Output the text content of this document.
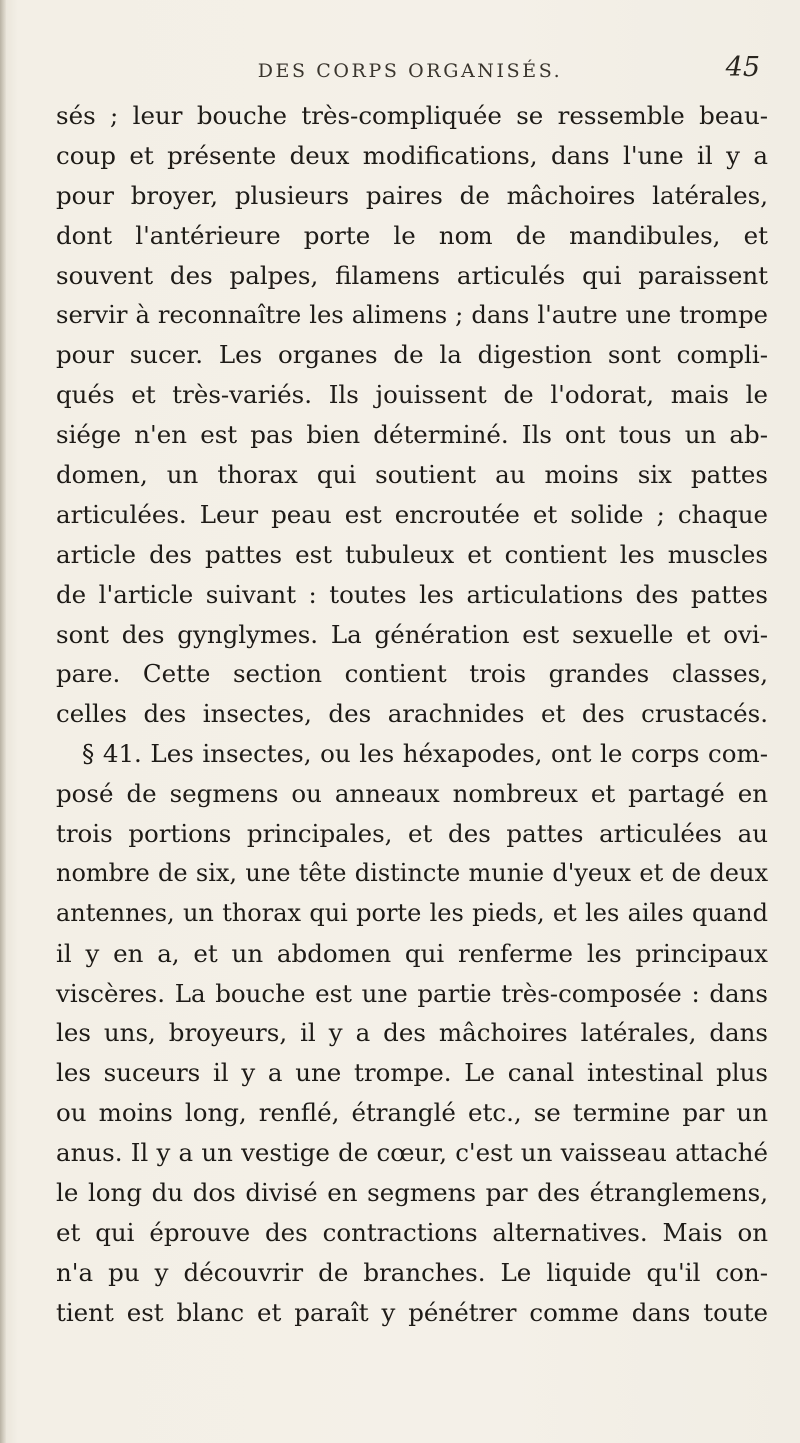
DES CORPS ORGANISÉS.	45
sés ; leur bouche très-compliquée se ressemble beau-
coup et présente deux modifications, dans l'une il y a
pour broyer, plusieurs paires de mâchoires latérales,
dont l'antérieure porte le nom de mandibules, et
souvent des palpes, filamens articulés qui paraissent
servir à reconnaître les alimens ; dans l'autre une trompe
pour sucer. Les organes de la digestion sont compli-
qués et très-variés. Ils jouissent de l'odorat, mais le
siége n'en est pas bien déterminé. Ils ont tous un ab-
domen, un thorax qui soutient au moins six pattes
articulées. Leur peau est encroutée et solide ; chaque
article des pattes est tubuleux et contient les muscles
de l'article suivant : toutes les articulations des pattes
sont des gynglymes. La génération est sexuelle et ovi-
pare. Cette section contient trois grandes classes,
celles des insectes, des arachnides et des crustacés.
§ 41. Les insectes, ou les héxapodes, ont le corps com-
posé de segmens ou anneaux nombreux et partagé en
trois portions principales, et des pattes articulées au
nombre de six, une tête distincte munie d'yeux et de deux
antennes, un thorax qui porte les pieds, et les ailes quand
il y en a, et un abdomen qui renferme les principaux
viscères. La bouche est une partie très-composée : dans
les uns, broyeurs, il y a des mâchoires latérales, dans
les suceurs il y a une trompe. Le canal intestinal plus
ou moins long, renflé, étranglé etc., se termine par un
anus. Il y a un vestige de cœur, c'est un vaisseau attaché
le long du dos divisé en segmens par des étranglemens,
et qui éprouve des contractions alternatives. Mais on
n'a pu y découvrir de branches. Le liquide qu'il con-
tient est blanc et paraît y pénétrer comme dans toute
